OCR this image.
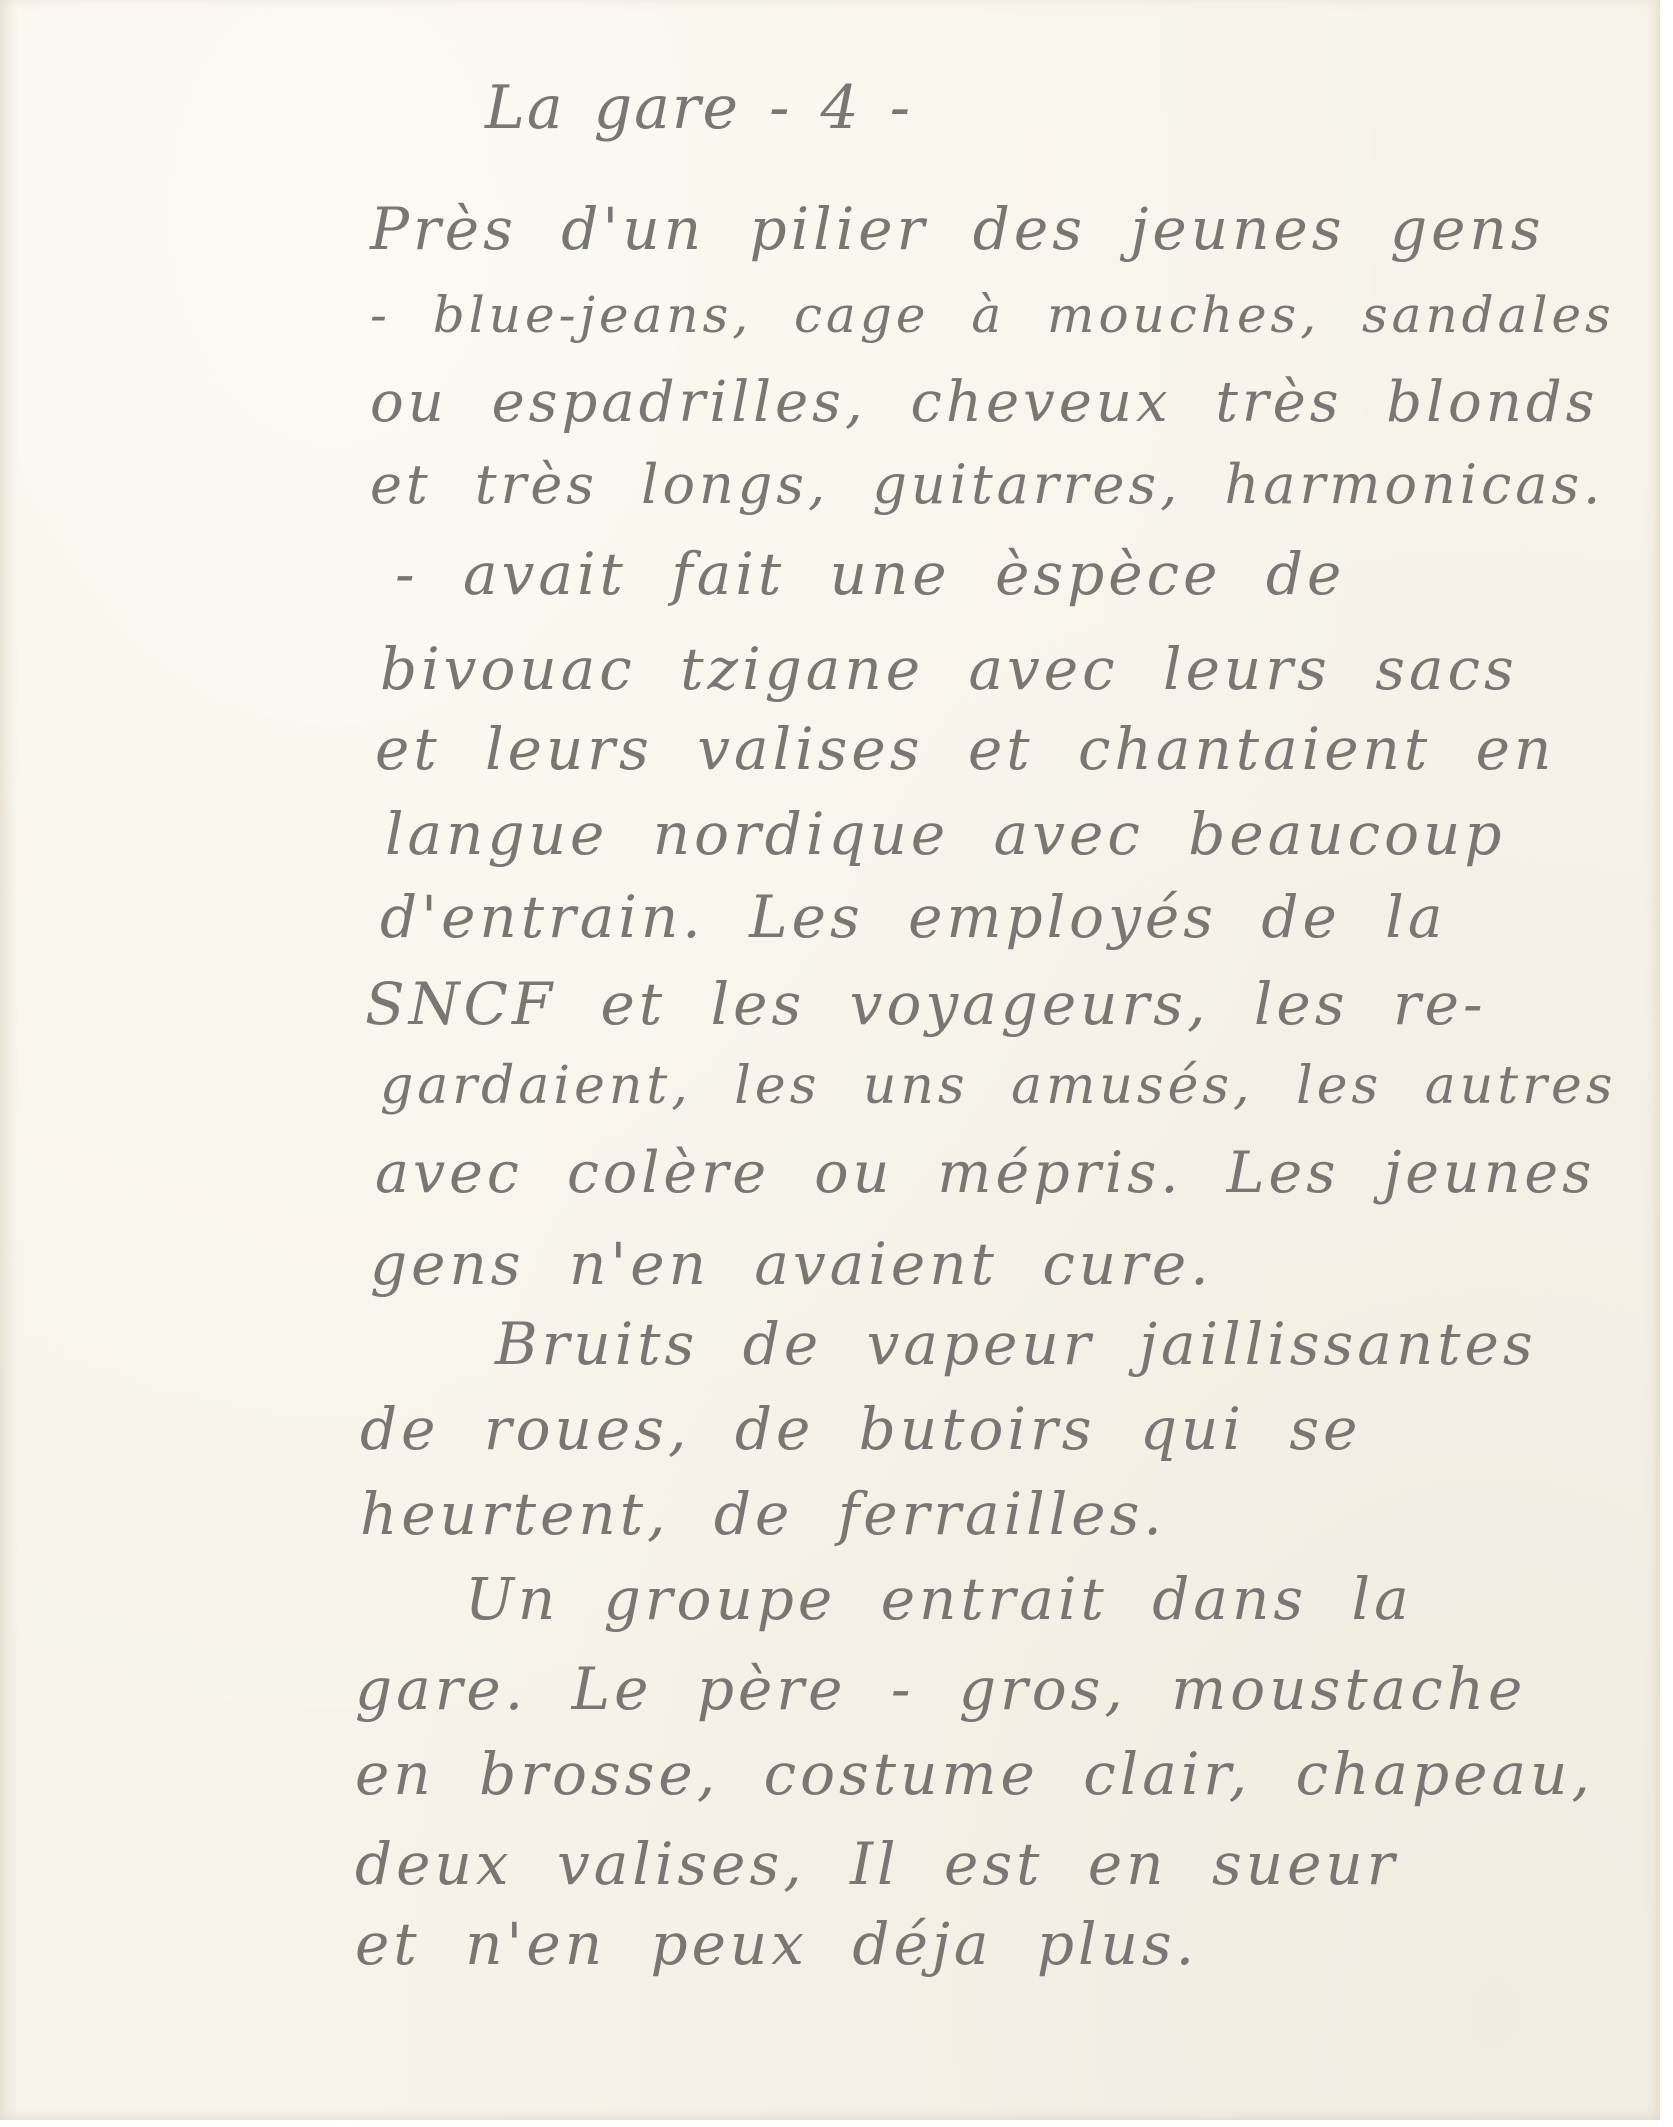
La gare - 4 -

Près d'un pilier des jeunes gens

- blue-jeans, cage à mouches, sandales

ou espadrilles, cheveux très blonds

et très longs, guitarres, harmonicas.

- avait fait une èspèce de

bivouac tzigane avec leurs sacs

et leurs valises et chantaient en

langue nordique avec beaucoup

d'entrain. Les employés de la

SNCF et les voyageurs, les re-

gardaient, les uns amusés, les autres

avec colère ou mépris. Les jeunes

gens n'en avaient cure.

Bruits de vapeur jaillissantes

de roues, de butoirs qui se

heurtent, de ferrailles.

Un groupe entrait dans la

gare. Le père - gros, moustache

en brosse, costume clair, chapeau,

deux valises, Il est en sueur

et n'en peux déja plus.
